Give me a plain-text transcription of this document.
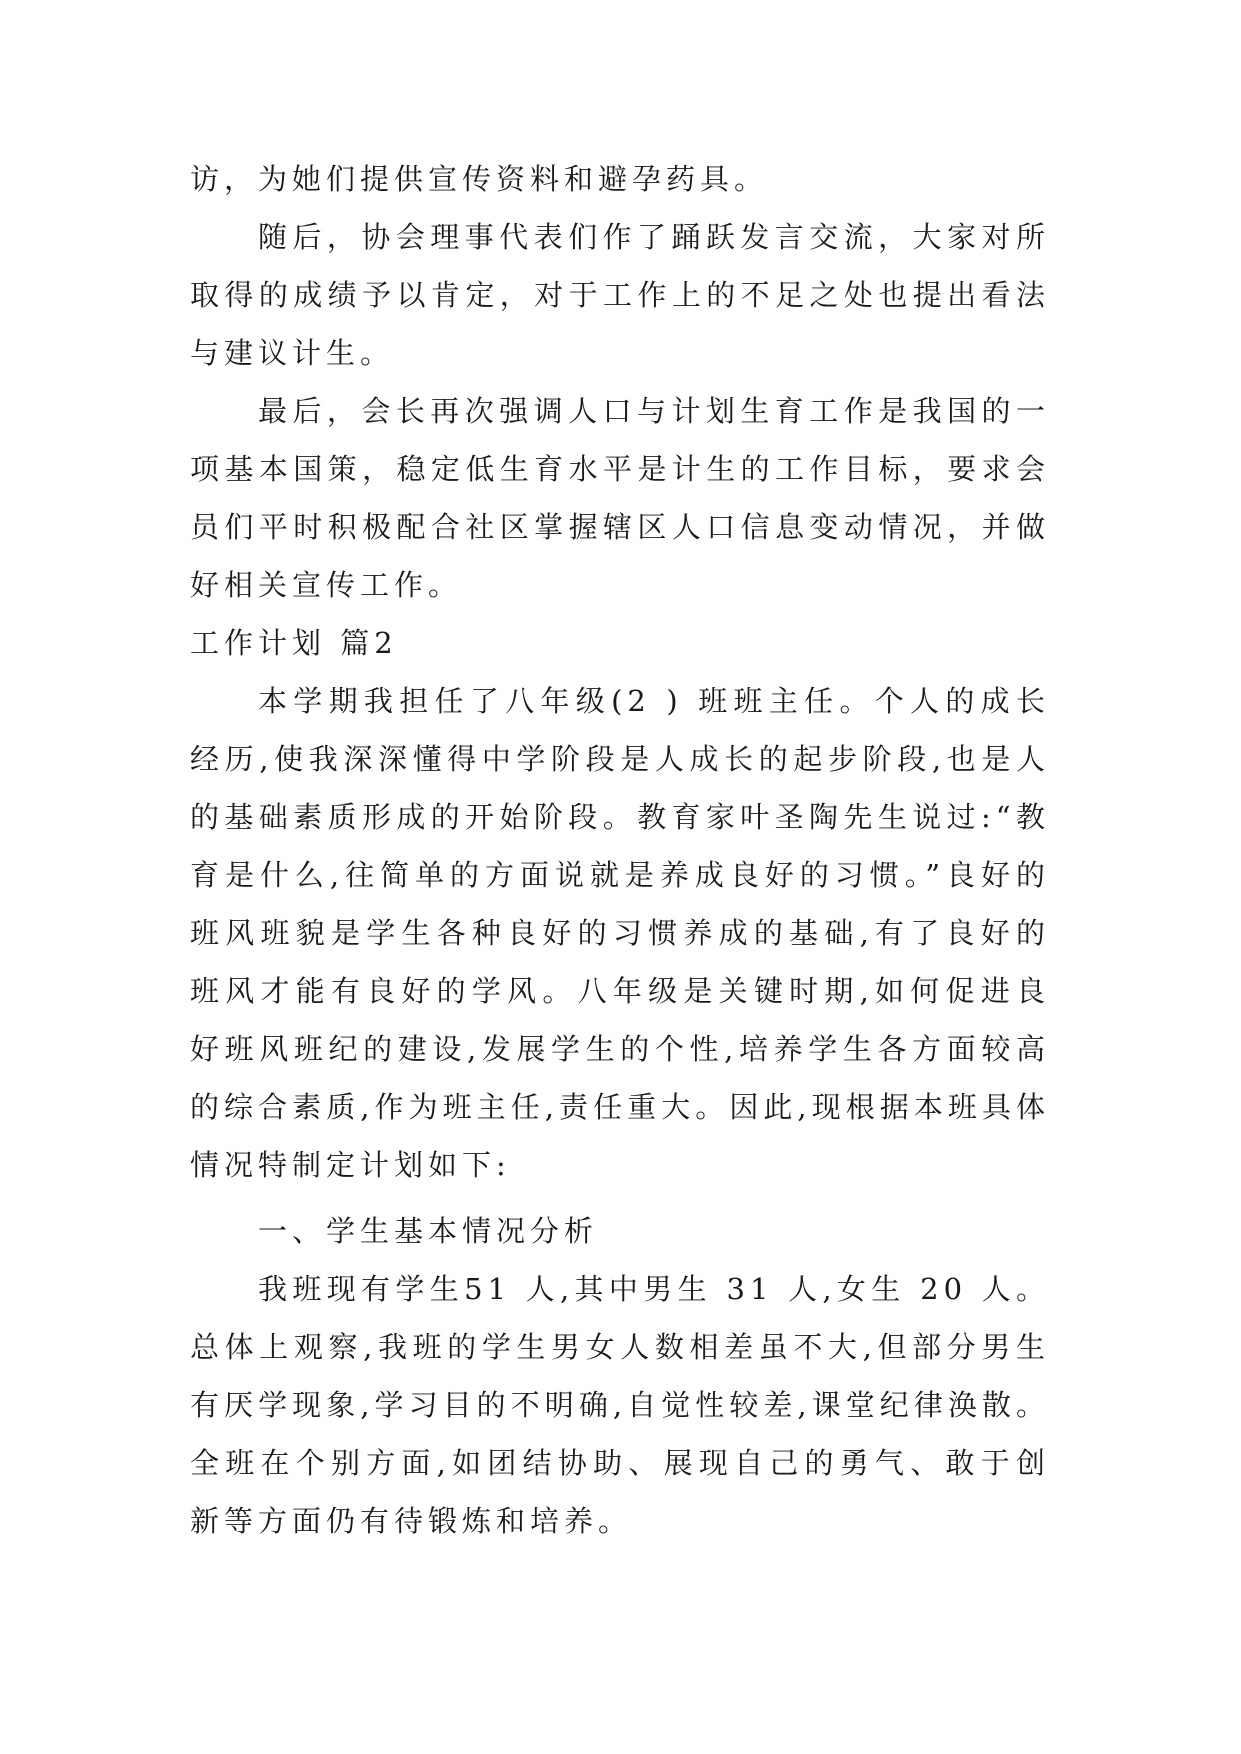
访，为她们提供宣传资料和避孕药具。

随后，协会理事代表们作了踊跃发言交流，大家对所取得的成绩予以肯定，对于工作上的不足之处也提出看法与建议计生。

最后，会长再次强调人口与计划生育工作是我国的一项基本国策，稳定低生育水平是计生的工作目标，要求会员们平时积极配合社区掌握辖区人口信息变动情况，并做好相关宣传工作。

工作计划 篇2

本学期我担任了八年级(2 ) 班班主任。个人的成长经历,使我深深懂得中学阶段是人成长的起步阶段,也是人的基础素质形成的开始阶段。教育家叶圣陶先生说过:“教育是什么,往简单的方面说就是养成良好的习惯。”良好的班风班貌是学生各种良好的习惯养成的基础,有了良好的班风才能有良好的学风。八年级是关键时期,如何促进良好班风班纪的建设,发展学生的个性,培养学生各方面较高的综合素质,作为班主任,责任重大。因此,现根据本班具体情况特制定计划如下:

一、学生基本情况分析

我班现有学生51 人,其中男生 31 人,女生 20 人。总体上观察,我班的学生男女人数相差虽不大,但部分男生有厌学现象,学习目的不明确,自觉性较差,课堂纪律涣散。全班在个别方面,如团结协助、展现自己的勇气、敢于创新等方面仍有待锻炼和培养。
